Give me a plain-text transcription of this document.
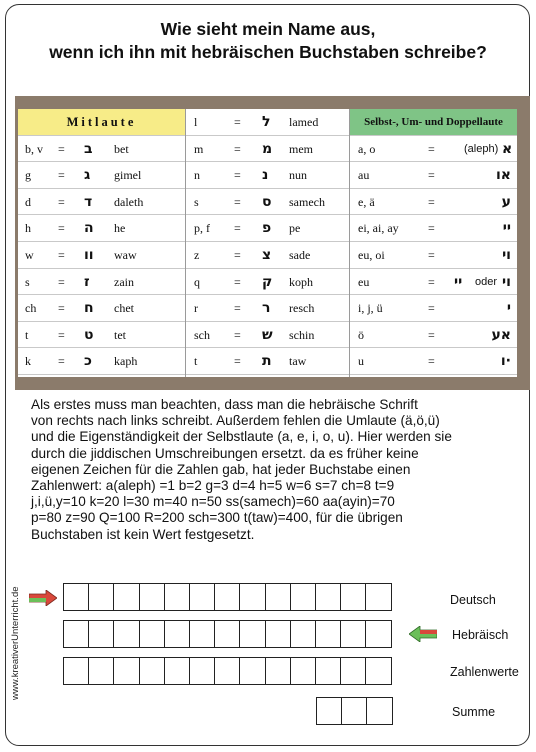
Wie sieht mein Name aus,
wenn ich ihn mit hebräischen Buchstaben schreibe?
Mitlaute
b, v = ב bet
g = ג gimel
d = ד daleth
h = ה he
w = וו waw
s = ז zain
ch = ח chet
t = ט tet
k = כ kaph
l	= ל lamed
m	= מ mem
n	= נ nun
s	= ס samech
p, f = פ pe
z	= צ sade
q	= ק koph
r	= ר resch
sch = ש schin
t	= ת taw
Selbst-, Um- und Doppellaute
a, o	=	(aleph) א
au	=	או
e, ä	=	ע
ei, ai, ay =	יי
eu, oi	=	וי
eu	= יי oder וי
i, j, ü	=	י
ö	=	אע
u	=	ו·
Als erstes muss man beachten, dass man die hebräische Schrift
von rechts nach links schreibt. Außerdem fehlen die Umlaute (ä,ö,ü)
und die Eigenständigkeit der Selbstlaute (a, e, i, o, u). Hier werden sie
durch die jiddischen Umschreibungen ersetzt. da es früher keine
eigenen Zeichen für die Zahlen gab, hat jeder Buchstabe einen
Zahlenwert: a(aleph) =1 b=2 g=3 d=4 h=5 w=6 s=7 ch=8 t=9
j,i,ü,y=10 k=20 l=30 m=40 n=50 ss(samech)=60 aa(ayin)=70
p=80 z=90 Q=100 R=200 sch=300 t(taw)=400, für die übrigen
Buchstaben ist kein Wert festgesetzt.
www.kreativerUnterricht.de	Deutsch
Hebräisch
Zahlenwerte
Summe
